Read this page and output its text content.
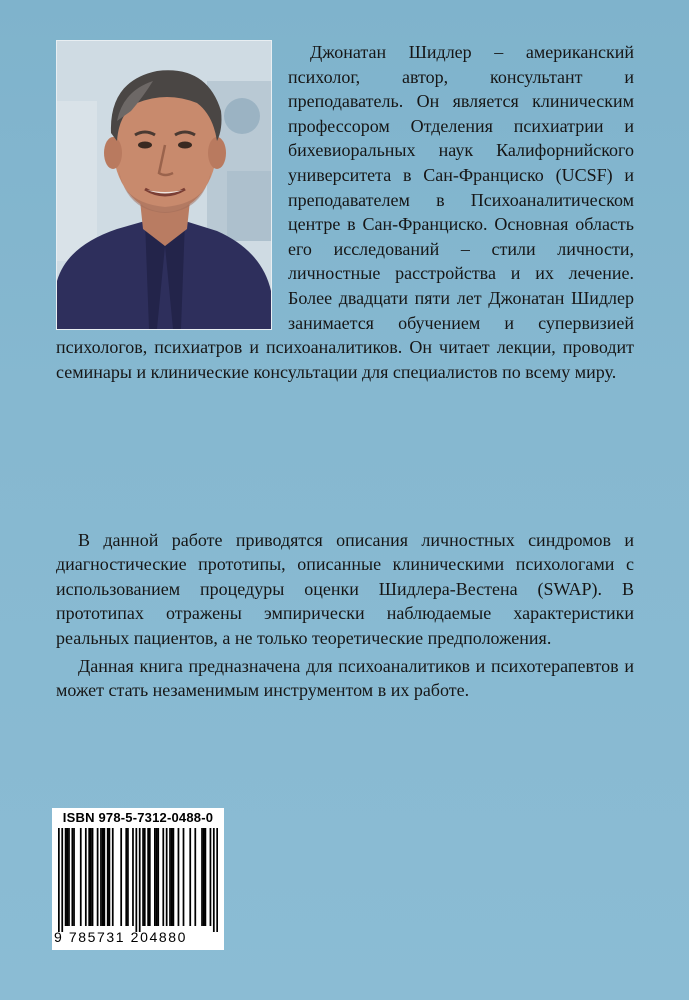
Джонатан Шидлер – американский психолог, автор, консультант и преподаватель. Он является клиническим профессором Отделения психиатрии и бихевиоральных наук Калифорнийского университета в Сан-Франциско (UCSF) и преподавателем в Психоаналитическом центре в Сан-Франциско. Основная область его исследований – стили личности, личностные расстройства и их лечение. Более двадцати пяти лет Джонатан Шидлер занимается обучением и супервизией психологов, психиатров и психоаналитиков. Он читает лекции, проводит семинары и клинические консультации для специалистов по всему миру.

В данной работе приводятся описания личностных синдромов и диагностические прототипы, описанные клиническими психологами с использованием процедуры оценки Шидлера-Вестена (SWAP). В прототипах отражены эмпирически наблюдаемые характеристики реальных пациентов, а не только теоретические предположения.

Данная книга предназначена для психоаналитиков и психотерапевтов и может стать незаменимым инструментом в их работе.

ISBN 978-5-7312-0488-0
9 785731 204880
